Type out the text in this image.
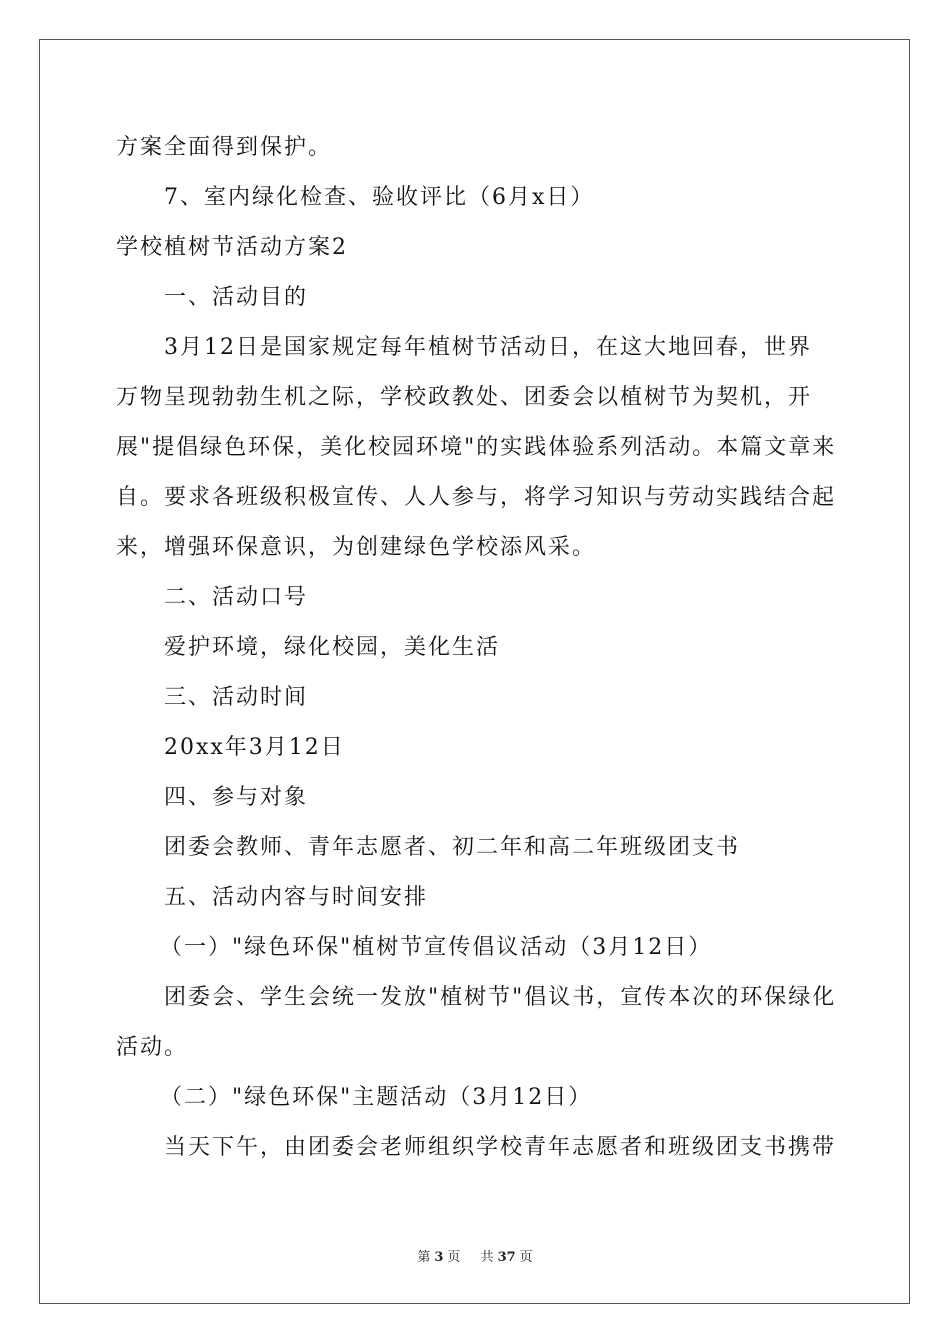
方案全面得到保护。
7、室内绿化检查、验收评比（6月x日）
学校植树节活动方案2
一、活动目的
3月12日是国家规定每年植树节活动日，在这大地回春，世界
万物呈现勃勃生机之际，学校政教处、团委会以植树节为契机，开
展"提倡绿色环保，美化校园环境"的实践体验系列活动。本篇文章来
自。要求各班级积极宣传、人人参与，将学习知识与劳动实践结合起
来，增强环保意识，为创建绿色学校添风采。
二、活动口号
爱护环境，绿化校园，美化生活
三、活动时间
20xx年3月12日
四、参与对象
团委会教师、青年志愿者、初二年和高二年班级团支书
五、活动内容与时间安排
（一）"绿色环保"植树节宣传倡议活动（3月12日）
团委会、学生会统一发放"植树节"倡议书，宣传本次的环保绿化
活动。
（二）"绿色环保"主题活动（3月12日）
当天下午，由团委会老师组织学校青年志愿者和班级团支书携带
第 3 页 共 37 页
